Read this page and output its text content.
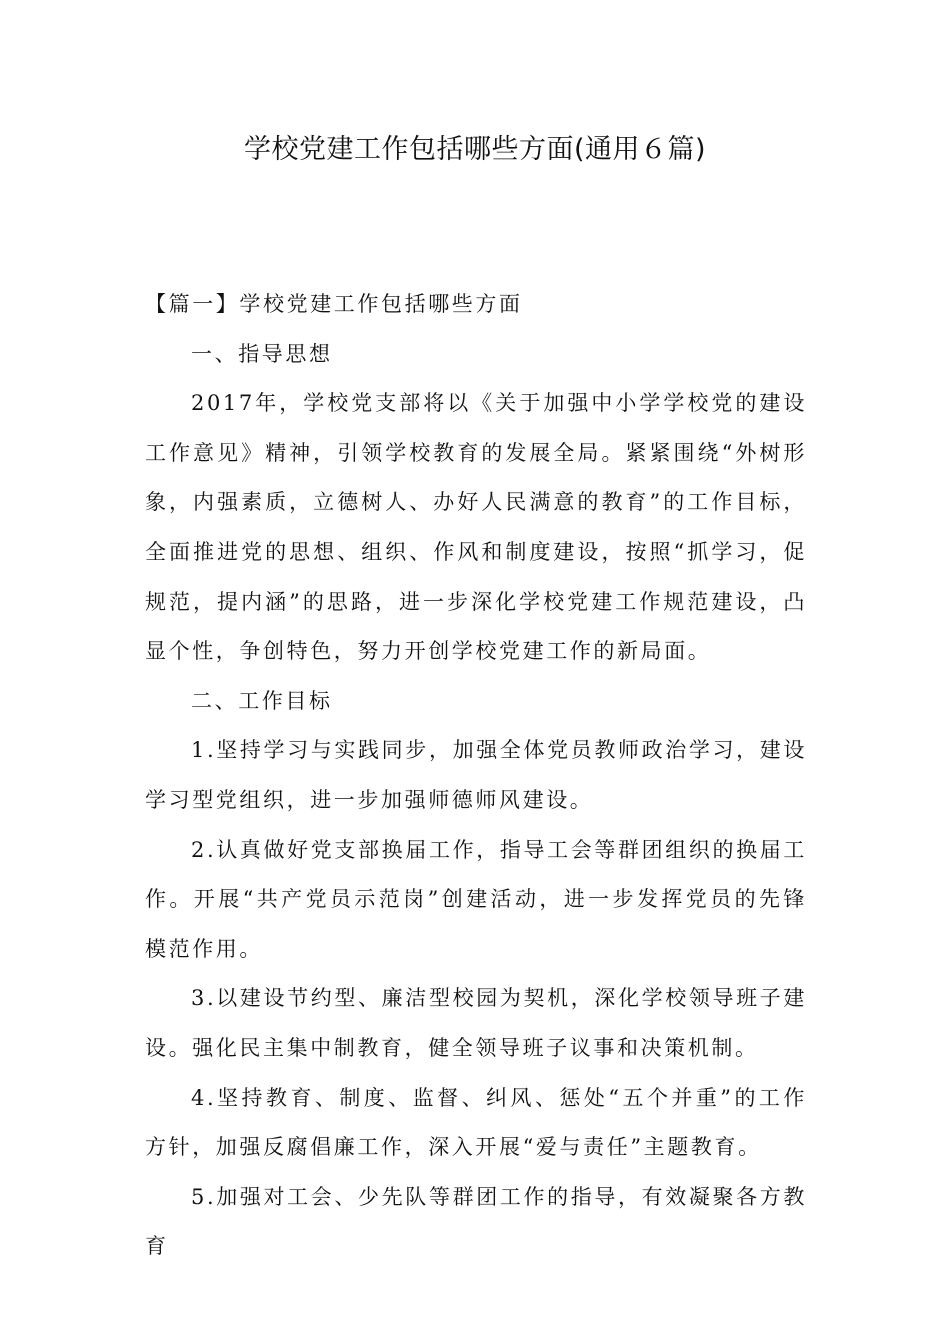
学校党建工作包括哪些方面(通用６篇)

【篇一】学校党建工作包括哪些方面

一、指导思想

2017年，学校党支部将以《关于加强中小学学校党的建设工作意见》精神，引领学校教育的发展全局。紧紧围绕“外树形象，内强素质，立德树人、办好人民满意的教育”的工作目标，全面推进党的思想、组织、作风和制度建设，按照“抓学习，促规范，提内涵”的思路，进一步深化学校党建工作规范建设，凸显个性，争创特色，努力开创学校党建工作的新局面。

二、工作目标

1.坚持学习与实践同步，加强全体党员教师政治学习，建设学习型党组织，进一步加强师德师风建设。

2.认真做好党支部换届工作，指导工会等群团组织的换届工作。开展“共产党员示范岗”创建活动，进一步发挥党员的先锋模范作用。

3.以建设节约型、廉洁型校园为契机，深化学校领导班子建设。强化民主集中制教育，健全领导班子议事和决策机制。

4.坚持教育、制度、监督、纠风、惩处“五个并重”的工作方针，加强反腐倡廉工作，深入开展“爱与责任”主题教育。

5.加强对工会、少先队等群团工作的指导，有效凝聚各方教育
